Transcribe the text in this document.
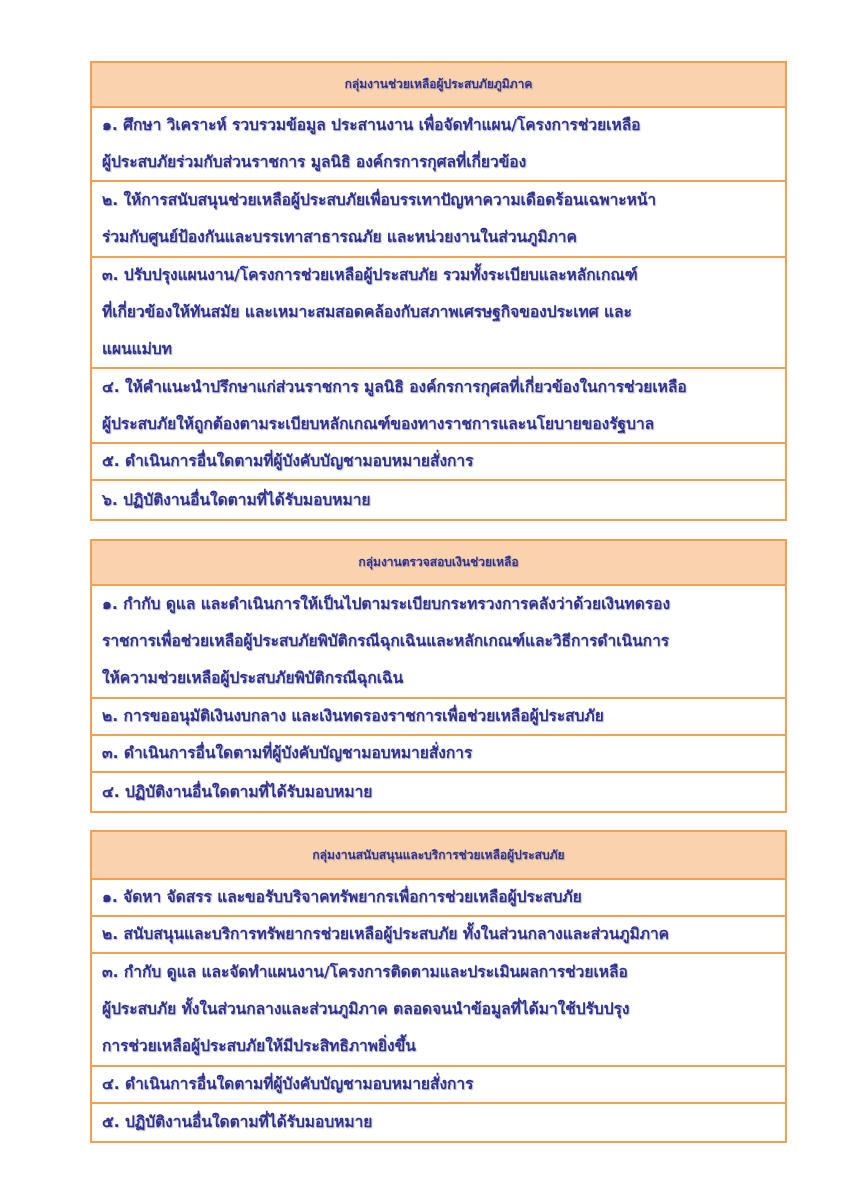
กลุ่มงานช่วยเหลือผู้ประสบภัยภูมิภาค
๑. ศึกษา วิเคราะห์ รวบรวมข้อมูล ประสานงาน เพื่อจัดทำแผน/โครงการช่วยเหลือ
ผู้ประสบภัยร่วมกับส่วนราชการ มูลนิธิ องค์กรการกุศลที่เกี่ยวข้อง
๒. ให้การสนับสนุนช่วยเหลือผู้ประสบภัยเพื่อบรรเทาปัญหาความเดือดร้อนเฉพาะหน้า
ร่วมกับศูนย์ป้องกันและบรรเทาสาธารณภัย และหน่วยงานในส่วนภูมิภาค
๓. ปรับปรุงแผนงาน/โครงการช่วยเหลือผู้ประสบภัย รวมทั้งระเบียบและหลักเกณฑ์
ที่เกี่ยวข้องให้ทันสมัย และเหมาะสมสอดคล้องกับสภาพเศรษฐกิจของประเทศ และ
แผนแม่บท
๔. ให้คำแนะนำปรึกษาแก่ส่วนราชการ มูลนิธิ องค์กรการกุศลที่เกี่ยวข้องในการช่วยเหลือ
ผู้ประสบภัยให้ถูกต้องตามระเบียบหลักเกณฑ์ของทางราชการและนโยบายของรัฐบาล
๕. ดำเนินการอื่นใดตามที่ผู้บังคับบัญชามอบหมายสั่งการ
๖. ปฏิบัติงานอื่นใดตามที่ได้รับมอบหมาย
กลุ่มงานตรวจสอบเงินช่วยเหลือ
๑. กำกับ ดูแล และดำเนินการให้เป็นไปตามระเบียบกระทรวงการคลังว่าด้วยเงินทดรอง
ราชการเพื่อช่วยเหลือผู้ประสบภัยพิบัติกรณีฉุกเฉินและหลักเกณฑ์และวิธีการดำเนินการ
ให้ความช่วยเหลือผู้ประสบภัยพิบัติกรณีฉุกเฉิน
๒. การขออนุมัติเงินงบกลาง และเงินทดรองราชการเพื่อช่วยเหลือผู้ประสบภัย
๓. ดำเนินการอื่นใดตามที่ผู้บังคับบัญชามอบหมายสั่งการ
๔. ปฏิบัติงานอื่นใดตามที่ได้รับมอบหมาย
กลุ่มงานสนับสนุนและบริการช่วยเหลือผู้ประสบภัย
๑. จัดหา จัดสรร และขอรับบริจาคทรัพยากรเพื่อการช่วยเหลือผู้ประสบภัย
๒. สนับสนุนและบริการทรัพยากรช่วยเหลือผู้ประสบภัย ทั้งในส่วนกลางและส่วนภูมิภาค
๓. กำกับ ดูแล และจัดทำแผนงาน/โครงการติดตามและประเมินผลการช่วยเหลือ
ผู้ประสบภัย ทั้งในส่วนกลางและส่วนภูมิภาค ตลอดจนนำข้อมูลที่ได้มาใช้ปรับปรุง
การช่วยเหลือผู้ประสบภัยให้มีประสิทธิภาพยิ่งขึ้น
๔. ดำเนินการอื่นใดตามที่ผู้บังคับบัญชามอบหมายสั่งการ
๕. ปฏิบัติงานอื่นใดตามที่ได้รับมอบหมาย
